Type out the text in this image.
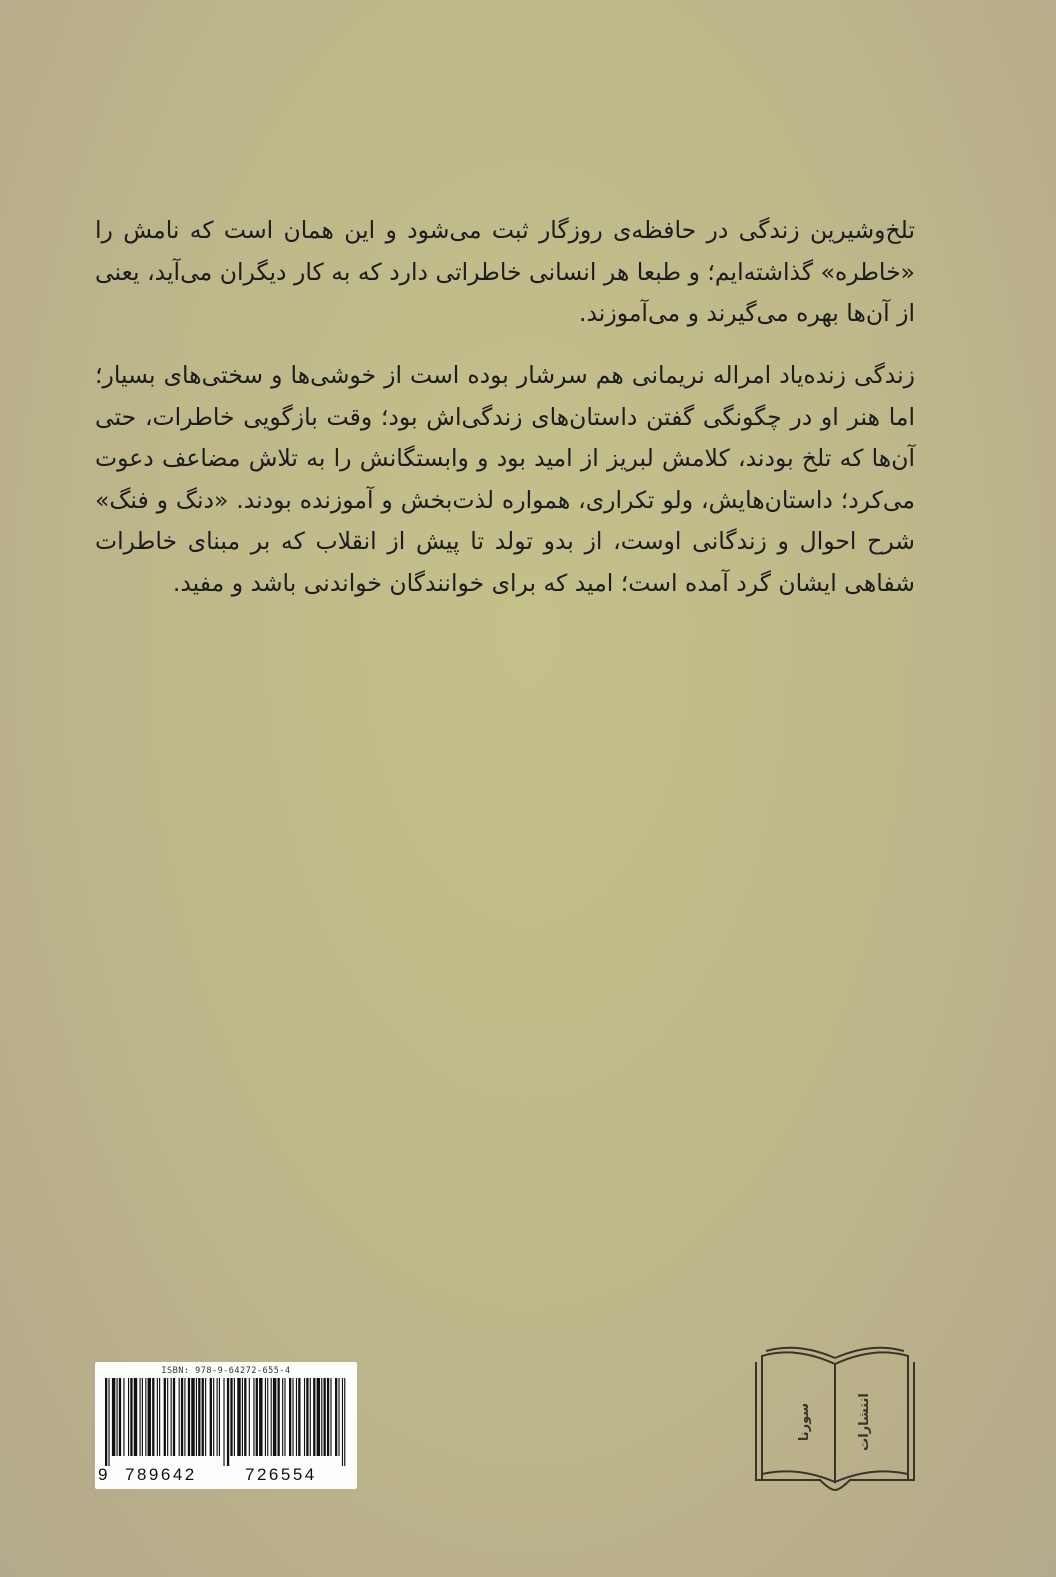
تلخ‌وشیرین زندگی در حافظه‌ی روزگار ثبت می‌شود و این همان است که نامش را «خاطره» گذاشته‌ایم؛ و طبعا هر انسانی خاطراتی دارد که به کار دیگران می‌آید، یعنی از آن‌ها بهره می‌گیرند و می‌آموزند.
زندگی زنده‌یاد امراله نریمانی هم سرشار بوده است از خوشی‌ها و سختی‌های بسیار؛ اما هنر او در چگونگی گفتن داستان‌های زندگی‌اش بود؛ وقت بازگویی خاطرات، حتی آن‌ها که تلخ بودند، کلامش لبریز از امید بود و وابستگانش را به تلاش مضاعف دعوت می‌کرد؛ داستان‌هایش، ولو تکراری، همواره لذت‌بخش و آموزنده بودند. «دنگ و فنگ» شرح احوال و زندگانی اوست، از بدو تولد تا پیش از انقلاب که بر مبنای خاطرات شفاهی ایشان گرد آمده است؛ امید که برای خوانندگان خواندنی باشد و مفید.
ISBN: 978-9-64272-655-4
9 789642	726554
انتشارات
سورنا
